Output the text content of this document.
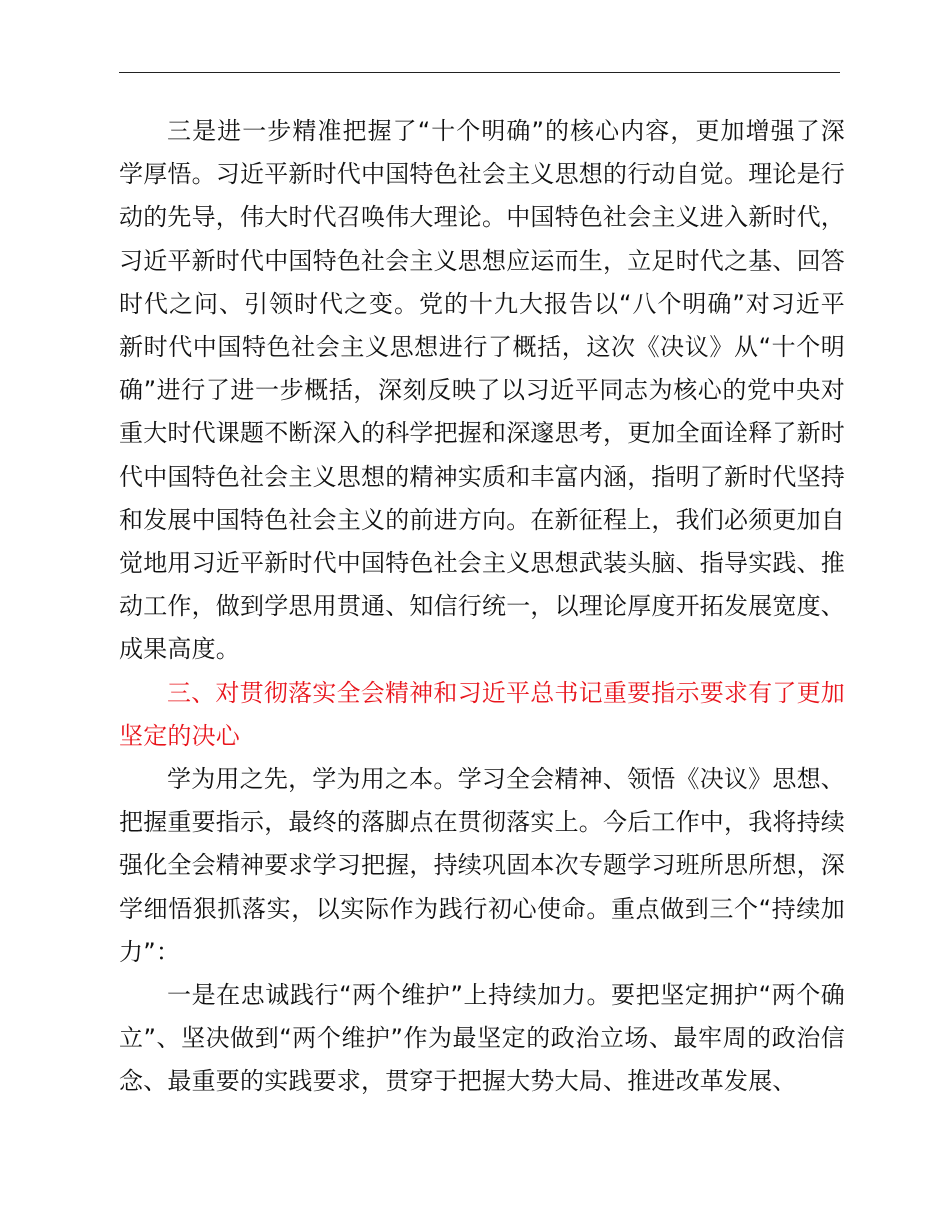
三是进一步精准把握了“十个明确”的核心内容，更加增强了深学厚悟。习近平新时代中国特色社会主义思想的行动自觉。理论是行动的先导，伟大时代召唤伟大理论。中国特色社会主义进入新时代，习近平新时代中国特色社会主义思想应运而生，立足时代之基、回答时代之问、引领时代之变。党的十九大报告以“八个明确”对习近平新时代中国特色社会主义思想进行了概括，这次《决议》从“十个明确”进行了进一步概括，深刻反映了以习近平同志为核心的党中央对重大时代课题不断深入的科学把握和深邃思考，更加全面诠释了新时代中国特色社会主义思想的精神实质和丰富内涵，指明了新时代坚持和发展中国特色社会主义的前进方向。在新征程上，我们必须更加自觉地用习近平新时代中国特色社会主义思想武装头脑、指导实践、推动工作，做到学思用贯通、知信行统一，以理论厚度开拓发展宽度、成果高度。

三、对贯彻落实全会精神和习近平总书记重要指示要求有了更加坚定的决心

学为用之先，学为用之本。学习全会精神、领悟《决议》思想、把握重要指示，最终的落脚点在贯彻落实上。今后工作中，我将持续强化全会精神要求学习把握，持续巩固本次专题学习班所思所想，深学细悟狠抓落实，以实际作为践行初心使命。重点做到三个“持续加力”：

一是在忠诚践行“两个维护”上持续加力。要把坚定拥护“两个确立”、坚决做到“两个维护”作为最坚定的政治立场、最牢周的政治信念、最重要的实践要求，贯穿于把握大势大局、推进改革发展、
